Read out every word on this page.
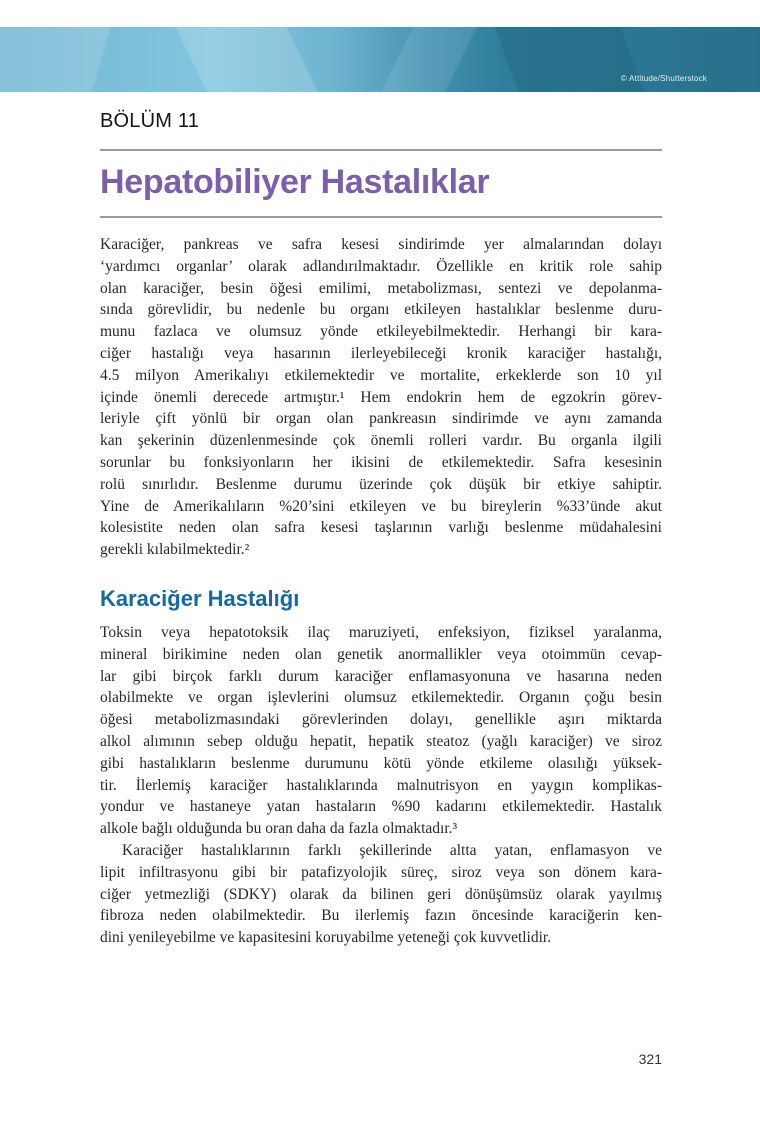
© Attitude/Shutterstock
BÖLÜM 11
Hepatobiliyer Hastalıklar
Karaciğer, pankreas ve safra kesesi sindirimde yer almalarından dolayı
‘yardımcı organlar’ olarak adlandırılmaktadır. Özellikle en kritik role sahip
olan karaciğer, besin öğesi emilimi, metabolizması, sentezi ve depolanma-
sında görevlidir, bu nedenle bu organı etkileyen hastalıklar beslenme duru-
munu fazlaca ve olumsuz yönde etkileyebilmektedir. Herhangi bir kara-
ciğer hastalığı veya hasarının ilerleyebileceği kronik karaciğer hastalığı,
4.5 milyon Amerikalıyı etkilemektedir ve mortalite, erkeklerde son 10 yıl
içinde önemli derecede artmıştır.¹ Hem endokrin hem de egzokrin görev-
leriyle çift yönlü bir organ olan pankreasın sindirimde ve aynı zamanda
kan şekerinin düzenlenmesinde çok önemli rolleri vardır. Bu organla ilgili
sorunlar bu fonksiyonların her ikisini de etkilemektedir. Safra kesesinin
rolü sınırlıdır. Beslenme durumu üzerinde çok düşük bir etkiye sahiptir.
Yine de Amerikalıların %20’sini etkileyen ve bu bireylerin %33’ünde akut
kolesistite neden olan safra kesesi taşlarının varlığı beslenme müdahalesini
gerekli kılabilmektedir.²
Karaciğer Hastalığı
Toksin veya hepatotoksik ilaç maruziyeti, enfeksiyon, fiziksel yaralanma,
mineral birikimine neden olan genetik anormallikler veya otoimmün cevap-
lar gibi birçok farklı durum karaciğer enflamasyonuna ve hasarına neden
olabilmekte ve organ işlevlerini olumsuz etkilemektedir. Organın çoğu besin
öğesi metabolizmasındaki görevlerinden dolayı, genellikle aşırı miktarda
alkol alımının sebep olduğu hepatit, hepatik steatoz (yağlı karaciğer) ve siroz
gibi hastalıkların beslenme durumunu kötü yönde etkileme olasılığı yüksek-
tir. İlerlemiş karaciğer hastalıklarında malnutrisyon en yaygın komplikas-
yondur ve hastaneye yatan hastaların %90 kadarını etkilemektedir. Hastalık
alkole bağlı olduğunda bu oran daha da fazla olmaktadır.³
Karaciğer hastalıklarının farklı şekillerinde altta yatan, enflamasyon ve
lipit infiltrasyonu gibi bir patafizyolojik süreç, siroz veya son dönem kara-
ciğer yetmezliği (SDKY) olarak da bilinen geri dönüşümsüz olarak yayılmış
fibroza neden olabilmektedir. Bu ilerlemiş fazın öncesinde karaciğerin ken-
dini yenileyebilme ve kapasitesini koruyabilme yeteneği çok kuvvetlidir.
321
